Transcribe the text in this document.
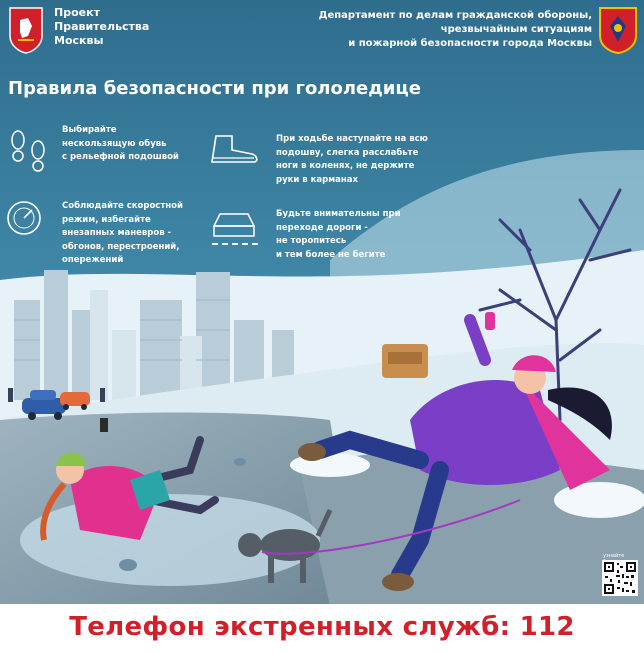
Проект
Правительства
Москвы
Департамент по делам гражданской обороны,
чрезвычайным ситуациям
и пожарной безопасности города Москвы
Правила безопасности при гололедице
Выбирайте
нескользящую обувь
с рельефной подошвой
При ходьбе наступайте на всю
подошву, слегка расслабьте
ноги в коленях, не держите
руки в карманах
Соблюдайте скоростной
режим, избегайте
внезапных маневров -
обгонов, перестроений,
опережений
Будьте внимательны при
переходе дороги -
не торопитесь
и тем более не бегите
узнайте
Телефон экстренных служб: 112
